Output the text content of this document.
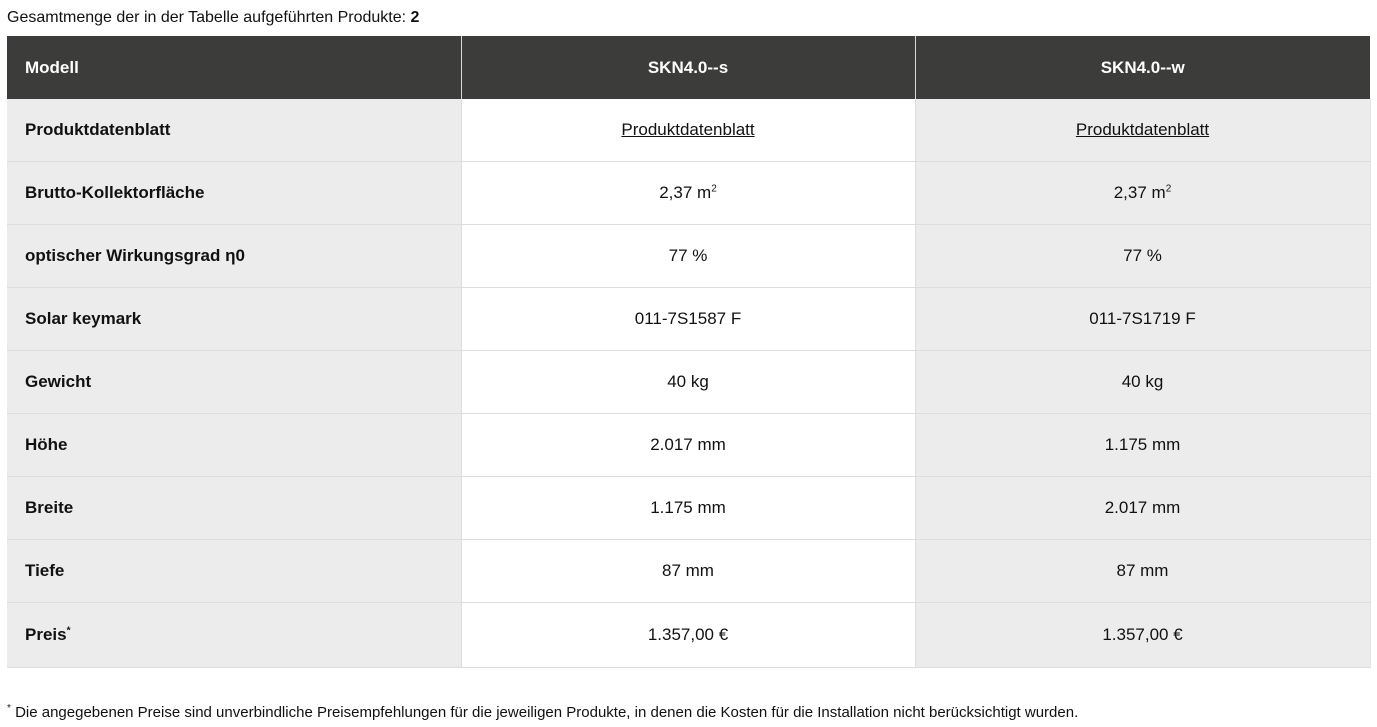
Gesamtmenge der in der Tabelle aufgeführten Produkte: 2
Modell	SKN4.0--s	SKN4.0--w
Produktdatenblatt	Produktdatenblatt	Produktdatenblatt
Brutto-Kollektorfläche	2,37 $m^2$	2,37 $m^2$
optischer Wirkungsgrad η0	77 %	77 %
Solar keymark	011-7S1587 F	011-7S1719 F
Gewicht	40 kg	40 kg
Höhe	2.017 mm	1.175 mm
Breite	1.175 mm	2.017 mm
Tiefe	87 mm	87 mm
Preis*	1.357,00 €	1.357,00 €
* Die angegebenen Preise sind unverbindliche Preisempfehlungen für die jeweiligen Produkte, in denen die Kosten für die Installation nicht berücksichtigt wurden.
